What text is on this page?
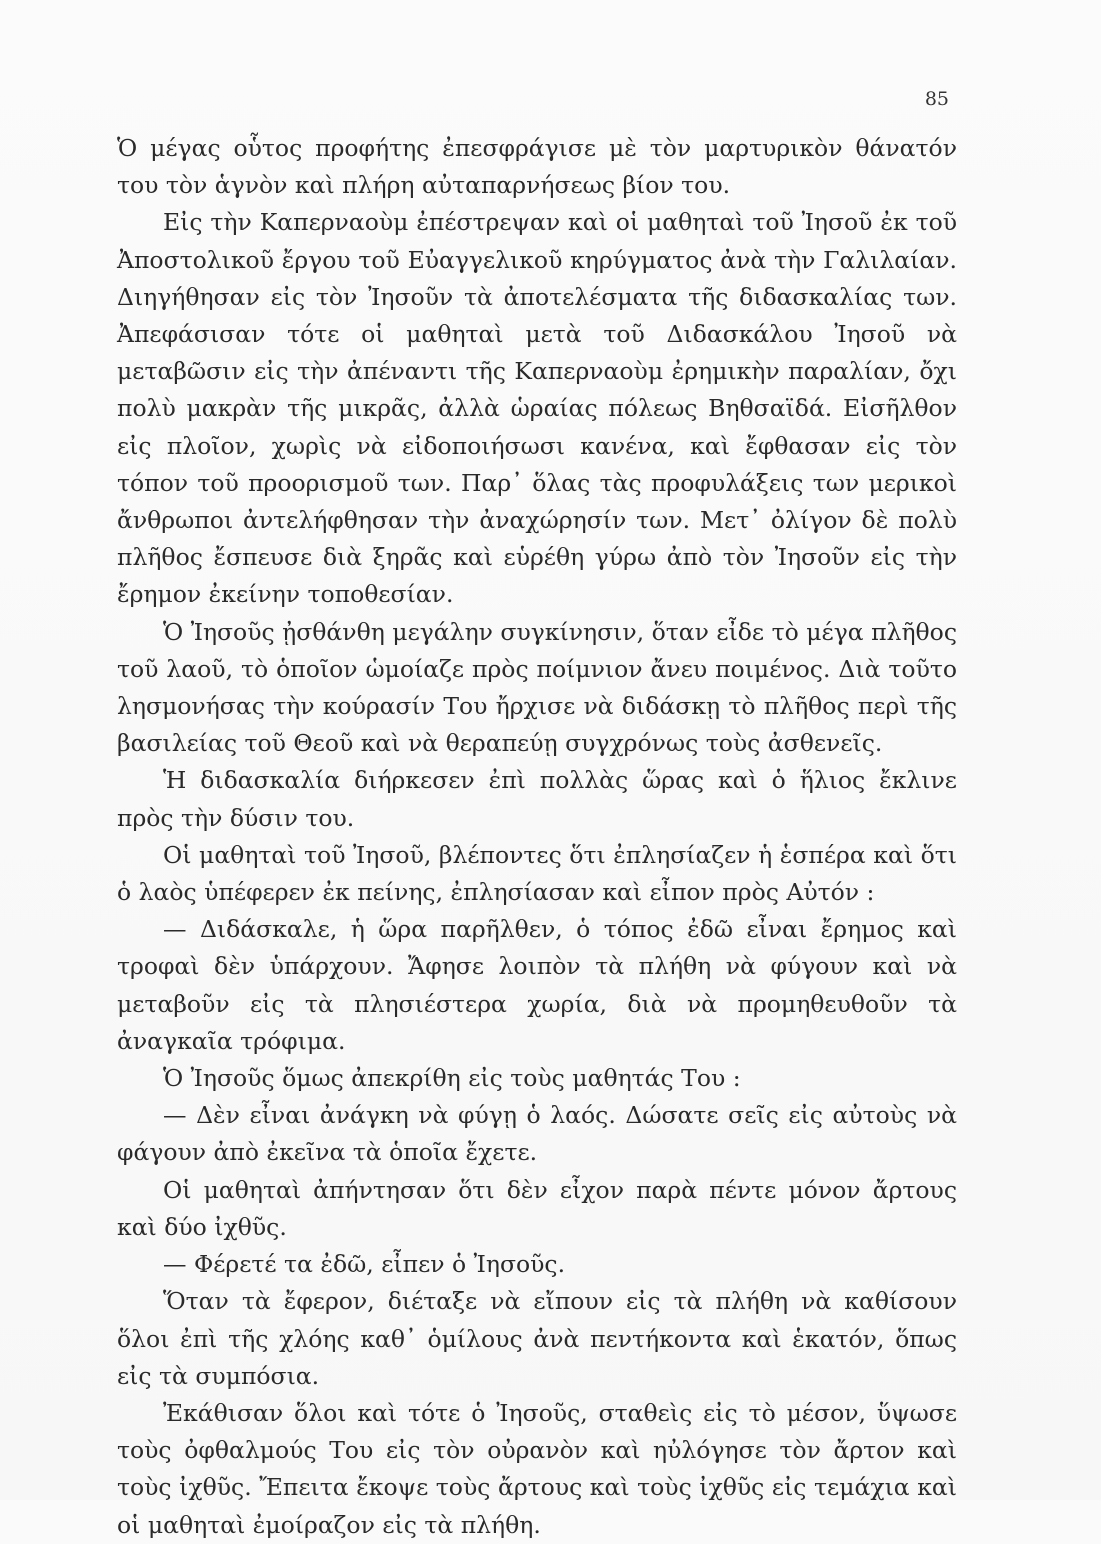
85

Ὁ μέγας οὗτος προφήτης ἐπεσφράγισε μὲ τὸν μαρτυρικὸν θάνατόν του τὸν ἁγνὸν καὶ πλήρη αὐταπαρνήσεως βίον του.

Εἰς τὴν Καπερναοὺμ ἐπέστρεψαν καὶ οἱ μαθηταὶ τοῦ Ἰησοῦ ἐκ τοῦ Ἀποστολικοῦ ἔργου τοῦ Εὐαγγελικοῦ κηρύγματος ἀνὰ τὴν Γαλιλαίαν. Διηγήθησαν εἰς τὸν Ἰησοῦν τὰ ἀποτελέσματα τῆς διδασκαλίας των. Ἀπεφάσισαν τότε οἱ μαθηταὶ μετὰ τοῦ Διδασκάλου Ἰησοῦ νὰ μεταβῶσιν εἰς τὴν ἀπέναντι τῆς Καπερναοὺμ ἐρημικὴν παραλίαν, ὄχι πολὺ μακρὰν τῆς μικρᾶς, ἀλλὰ ὡραίας πόλεως Βηθσαϊδά. Εἰσῆλθον εἰς πλοῖον, χωρὶς νὰ εἰδοποιήσωσι κανένα, καὶ ἔφθασαν εἰς τὸν τόπον τοῦ προορισμοῦ των. Παρ᾽ ὅλας τὰς προφυλάξεις των μερικοὶ ἄνθρωποι ἀντελήφθησαν τὴν ἀναχώρησίν των. Μετ᾽ ὀλίγον δὲ πολὺ πλῆθος ἔσπευσε διὰ ξηρᾶς καὶ εὑρέθη γύρω ἀπὸ τὸν Ἰησοῦν εἰς τὴν ἔρημον ἐκείνην τοποθεσίαν.

Ὁ Ἰησοῦς ᾐσθάνθη μεγάλην συγκίνησιν, ὅταν εἶδε τὸ μέγα πλῆθος τοῦ λαοῦ, τὸ ὁποῖον ὡμοίαζε πρὸς ποίμνιον ἄνευ ποιμένος. Διὰ τοῦτο λησμονήσας τὴν κούρασίν Του ἤρχισε νὰ διδάσκῃ τὸ πλῆθος περὶ τῆς βασιλείας τοῦ Θεοῦ καὶ νὰ θεραπεύῃ συγχρόνως τοὺς ἀσθενεῖς.

Ἡ διδασκαλία διήρκεσεν ἐπὶ πολλὰς ὥρας καὶ ὁ ἥλιος ἔκλινε πρὸς τὴν δύσιν του.

Οἱ μαθηταὶ τοῦ Ἰησοῦ, βλέποντες ὅτι ἐπλησίαζεν ἡ ἑσπέρα καὶ ὅτι ὁ λαὸς ὑπέφερεν ἐκ πείνης, ἐπλησίασαν καὶ εἶπον πρὸς Αὐτόν :

— Διδάσκαλε, ἡ ὥρα παρῆλθεν, ὁ τόπος ἐδῶ εἶναι ἔρημος καὶ τροφαὶ δὲν ὑπάρχουν. Ἄφησε λοιπὸν τὰ πλήθη νὰ φύγουν καὶ νὰ μεταβοῦν εἰς τὰ πλησιέστερα χωρία, διὰ νὰ προμηθευθοῦν τὰ ἀναγκαῖα τρόφιμα.

Ὁ Ἰησοῦς ὅμως ἀπεκρίθη εἰς τοὺς μαθητάς Του :

— Δὲν εἶναι ἀνάγκη νὰ φύγῃ ὁ λαός. Δώσατε σεῖς εἰς αὐτοὺς νὰ φάγουν ἀπὸ ἐκεῖνα τὰ ὁποῖα ἔχετε.

Οἱ μαθηταὶ ἀπήντησαν ὅτι δὲν εἶχον παρὰ πέντε μόνον ἄρτους καὶ δύο ἰχθῦς.

— Φέρετέ τα ἐδῶ, εἶπεν ὁ Ἰησοῦς.

Ὅταν τὰ ἔφερον, διέταξε νὰ εἴπουν εἰς τὰ πλήθη νὰ καθίσουν ὅλοι ἐπὶ τῆς χλόης καθ᾽ ὁμίλους ἀνὰ πεντήκοντα καὶ ἑκατόν, ὅπως εἰς τὰ συμπόσια.

Ἐκάθισαν ὅλοι καὶ τότε ὁ Ἰησοῦς, σταθεὶς εἰς τὸ μέσον, ὕψωσε τοὺς ὀφθαλμούς Του εἰς τὸν οὐρανὸν καὶ ηὐλόγησε τὸν ἄρτον καὶ τοὺς ἰχθῦς. Ἔπειτα ἔκοψε τοὺς ἄρτους καὶ τοὺς ἰχθῦς εἰς τεμάχια καὶ οἱ μαθηταὶ ἐμοίραζον εἰς τὰ πλήθη.
